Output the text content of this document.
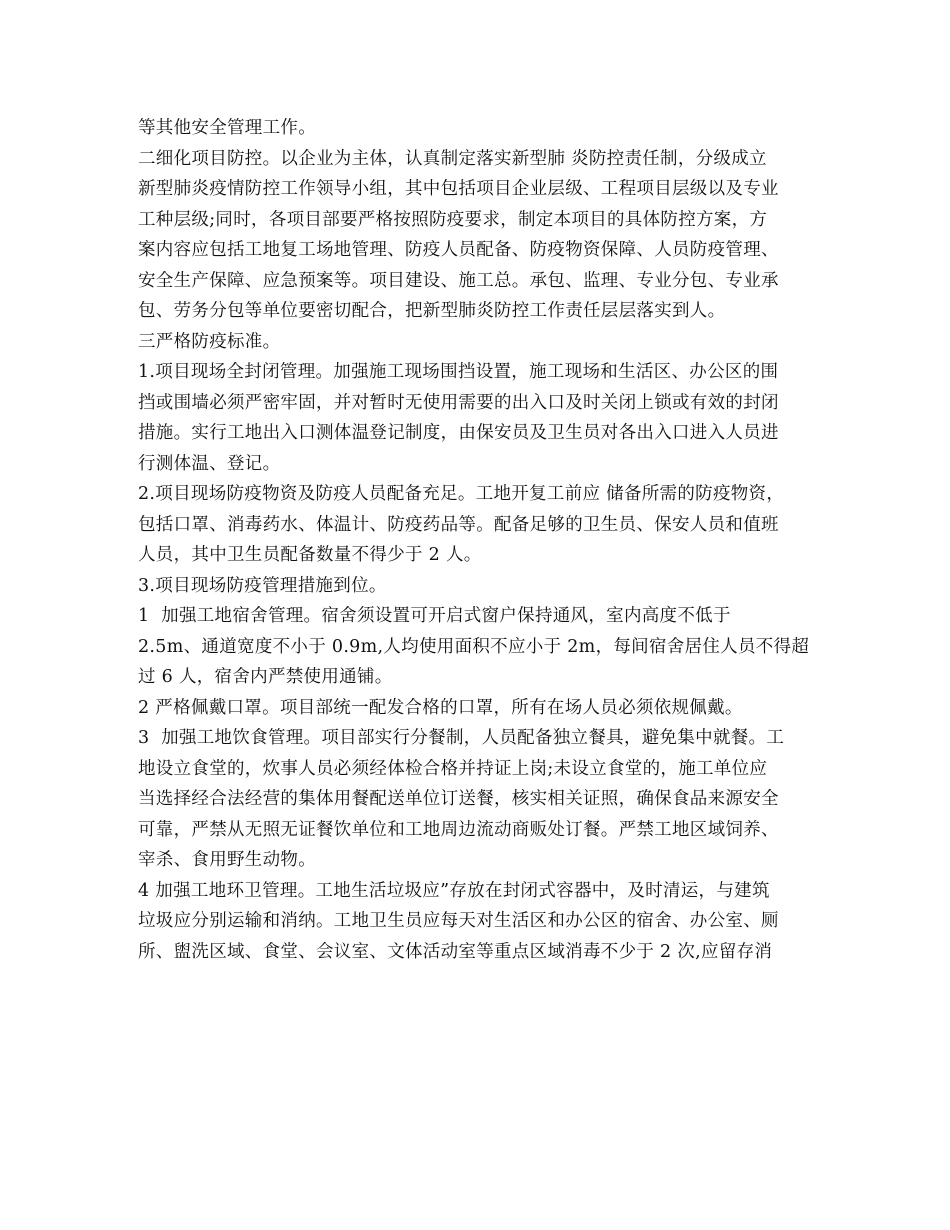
等其他安全管理工作。
二细化项目防控。以企业为主体，认真制定落实新型肺 炎防控责任制，分级成立
新型肺炎疫情防控工作领导小组，其中包括项目企业层级、工程项目层级以及专业
工种层级;同时，各项目部要严格按照防疫要求，制定本项目的具体防控方案，方
案内容应包括工地复工场地管理、防疫人员配备、防疫物资保障、人员防疫管理、
安全生产保障、应急预案等。项目建设、施工总。承包、监理、专业分包、专业承
包、劳务分包等单位要密切配合，把新型肺炎防控工作责任层层落实到人。
三严格防疫标准。
1.项目现场全封闭管理。加强施工现场围挡设置，施工现场和生活区、办公区的围
挡或围墙必须严密牢固，并对暂时无使用需要的出入口及时关闭上锁或有效的封闭
措施。实行工地出入口测体温登记制度，由保安员及卫生员对各出入口进入人员进
行测体温、登记。
2.项目现场防疫物资及防疫人员配备充足。工地开复工前应 储备所需的防疫物资，
包括口罩、消毒药水、体温计、防疫药品等。配备足够的卫生员、保安人员和值班
人员，其中卫生员配备数量不得少于 2 人。
3.项目现场防疫管理措施到位。
1  加强工地宿舍管理。宿舍须设置可开启式窗户保持通风，室内高度不低于
2.5m、通道宽度不小于 0.9m,人均使用面积不应小于 2m，每间宿舍居住人员不得超
过 6 人，宿舍内严禁使用通铺。
2 严格佩戴口罩。项目部统一配发合格的口罩，所有在场人员必须依规佩戴。
3  加强工地饮食管理。项目部实行分餐制，人员配备独立餐具，避免集中就餐。工
地设立食堂的，炊事人员必须经体检合格并持证上岗;未设立食堂的，施工单位应
当选择经合法经营的集体用餐配送单位订送餐，核实相关证照，确保食品来源安全
可靠，严禁从无照无证餐饮单位和工地周边流动商贩处订餐。严禁工地区域饲养、
宰杀、食用野生动物。
4 加强工地环卫管理。工地生活垃圾应”存放在封闭式容器中，及时清运，与建筑
垃圾应分别运输和消纳。工地卫生员应每天对生活区和办公区的宿舍、办公室、厕
所、盥洗区域、食堂、会议室、文体活动室等重点区域消毒不少于 2 次,应留存消
